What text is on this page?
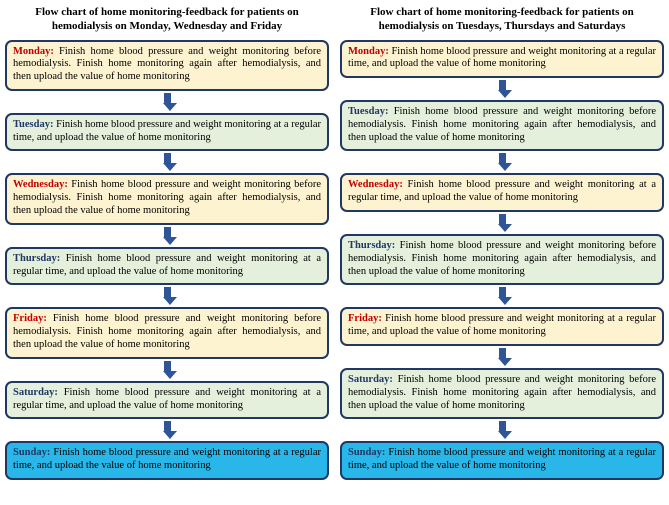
Flow chart of home monitoring-feedback for patients on hemodialysis on Monday, Wednesday and Friday
Monday: Finish home blood pressure and weight monitoring before hemodialysis. Finish home monitoring again after hemodialysis, and then upload the value of home monitoring
Tuesday: Finish home blood pressure and weight monitoring at a regular time, and upload the value of home monitoring
Wednesday: Finish home blood pressure and weight monitoring before hemodialysis. Finish home monitoring again after hemodialysis, and then upload the value of home monitoring
Thursday: Finish home blood pressure and weight monitoring at a regular time, and upload the value of home monitoring
Friday: Finish home blood pressure and weight monitoring before hemodialysis. Finish home monitoring again after hemodialysis, and then upload the value of home monitoring
Saturday: Finish home blood pressure and weight monitoring at a regular time, and upload the value of home monitoring
Sunday: Finish home blood pressure and weight monitoring at a regular time, and upload the value of home monitoring
Flow chart of home monitoring-feedback for patients on hemodialysis on Tuesdays, Thursdays and Saturdays
Monday: Finish home blood pressure and weight monitoring at a regular time, and upload the value of home monitoring
Tuesday: Finish home blood pressure and weight monitoring before hemodialysis. Finish home monitoring again after hemodialysis, and then upload the value of home monitoring
Wednesday: Finish home blood pressure and weight monitoring at a regular time, and upload the value of home monitoring
Thursday: Finish home blood pressure and weight monitoring before hemodialysis. Finish home monitoring again after hemodialysis, and then upload the value of home monitoring
Friday: Finish home blood pressure and weight monitoring at a regular time, and upload the value of home monitoring
Saturday: Finish home blood pressure and weight monitoring before hemodialysis. Finish home monitoring again after hemodialysis, and then upload the value of home monitoring
Sunday: Finish home blood pressure and weight monitoring at a regular time, and upload the value of home monitoring
